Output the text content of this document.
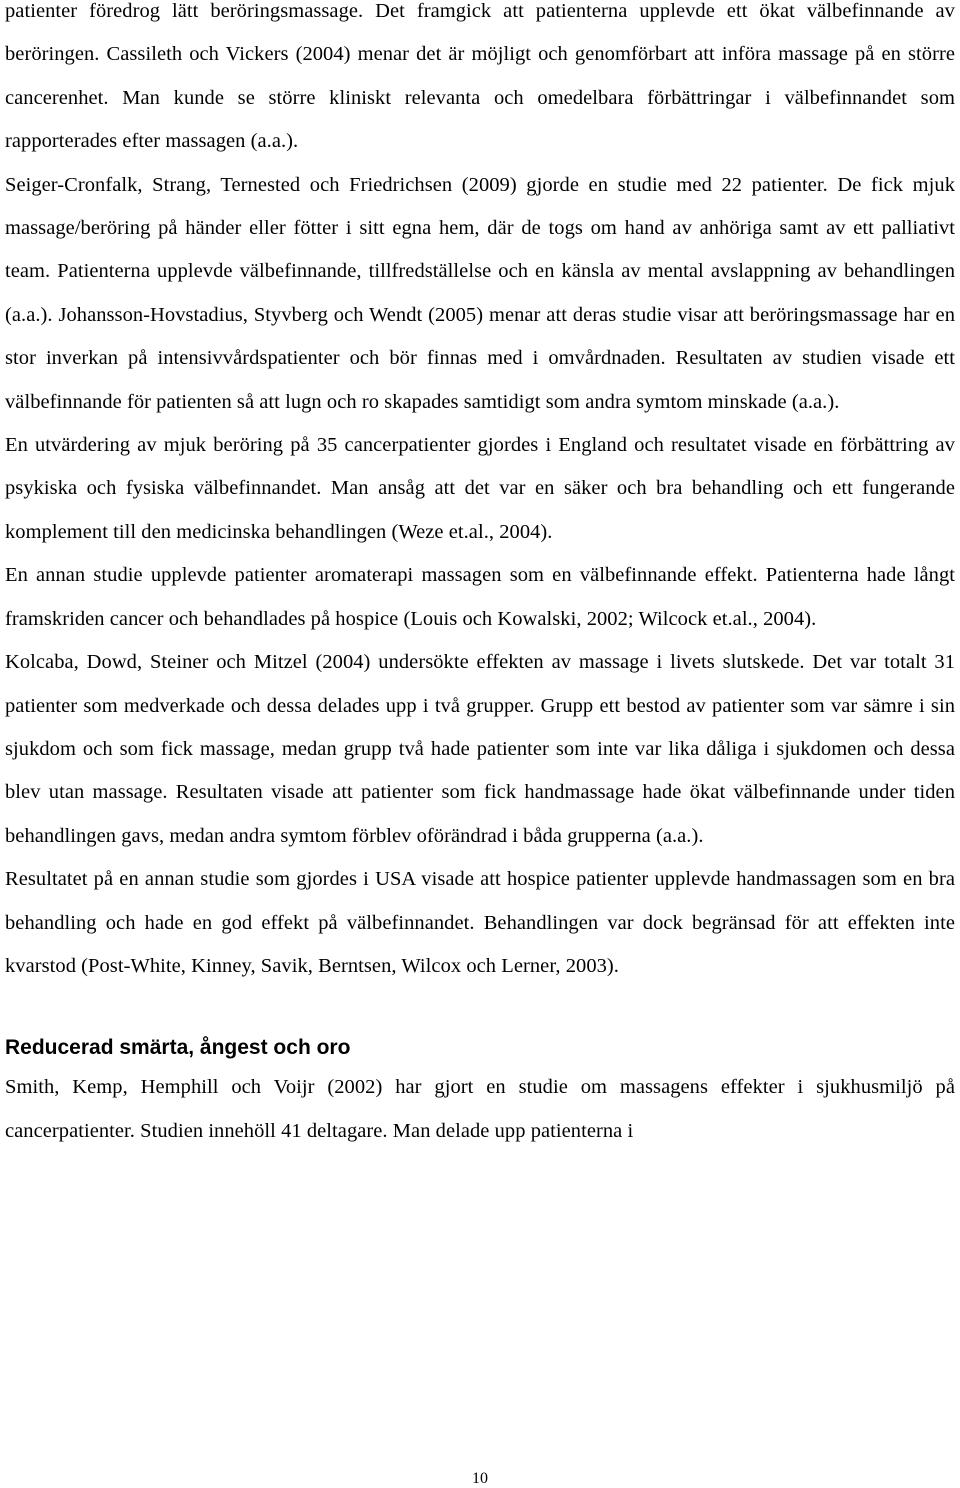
patienter föredrog lätt beröringsmassage. Det framgick att patienterna upplevde ett ökat välbefinnande av beröringen. Cassileth och Vickers (2004) menar det är möjligt och genomförbart att införa massage på en större cancerenhet. Man kunde se större kliniskt relevanta och omedelbara förbättringar i välbefinnandet som rapporterades efter massagen (a.a.).

Seiger-Cronfalk, Strang, Ternested och Friedrichsen (2009) gjorde en studie med 22 patienter. De fick mjuk massage/beröring på händer eller fötter i sitt egna hem, där de togs om hand av anhöriga samt av ett palliativt team. Patienterna upplevde välbefinnande, tillfredställelse och en känsla av mental avslappning av behandlingen (a.a.). Johansson-Hovstadius, Styvberg och Wendt (2005) menar att deras studie visar att beröringsmassage har en stor inverkan på intensivvårdspatienter och bör finnas med i omvårdnaden. Resultaten av studien visade ett välbefinnande för patienten så att lugn och ro skapades samtidigt som andra symtom minskade (a.a.).

En utvärdering av mjuk beröring på 35 cancerpatienter gjordes i England och resultatet visade en förbättring av psykiska och fysiska välbefinnandet. Man ansåg att det var en säker och bra behandling och ett fungerande komplement till den medicinska behandlingen (Weze et.al., 2004).

En annan studie upplevde patienter aromaterapi massagen som en välbefinnande effekt. Patienterna hade långt framskriden cancer och behandlades på hospice (Louis och Kowalski, 2002; Wilcock et.al., 2004).

Kolcaba, Dowd, Steiner och Mitzel (2004) undersökte effekten av massage i livets slutskede. Det var totalt 31 patienter som medverkade och dessa delades upp i två grupper. Grupp ett bestod av patienter som var sämre i sin sjukdom och som fick massage, medan grupp två hade patienter som inte var lika dåliga i sjukdomen och dessa blev utan massage. Resultaten visade att patienter som fick handmassage hade ökat välbefinnande under tiden behandlingen gavs, medan andra symtom förblev oförändrad i båda grupperna (a.a.).

Resultatet på en annan studie som gjordes i USA visade att hospice patienter upplevde handmassagen som en bra behandling och hade en god effekt på välbefinnandet. Behandlingen var dock begränsad för att effekten inte kvarstod (Post-White, Kinney, Savik, Berntsen, Wilcox och Lerner, 2003).

Reducerad smärta, ångest och oro

Smith, Kemp, Hemphill och Voijr (2002) har gjort en studie om massagens effekter i sjukhusmiljö på cancerpatienter. Studien innehöll 41 deltagare. Man delade upp patienterna i

10
